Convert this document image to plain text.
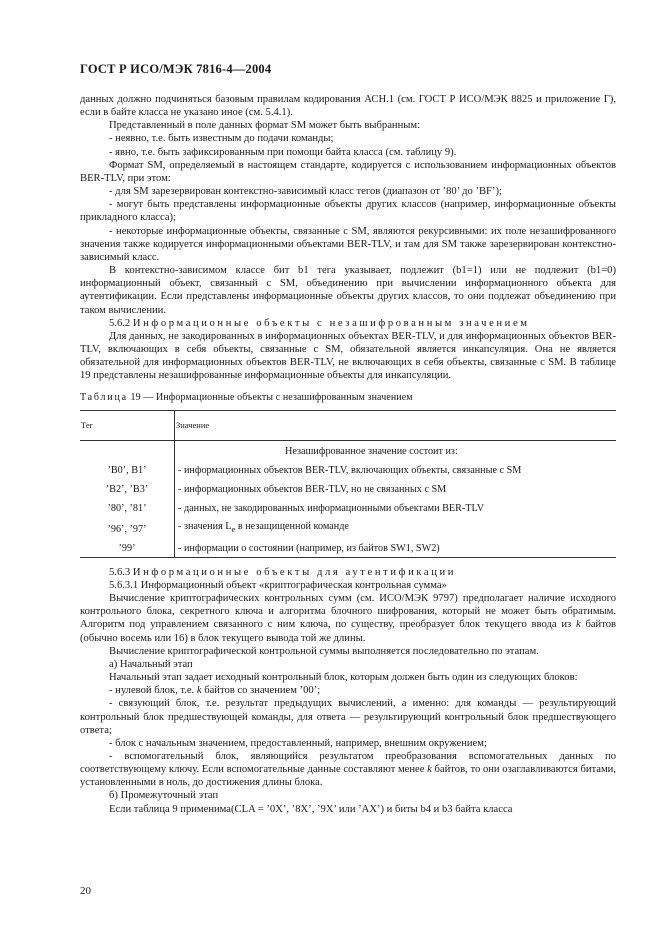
ГОСТ Р ИСО/МЭК 7816-4—2004

данных должно подчиняться базовым правилам кодирования АСН.1 (см. ГОСТ Р ИСО/МЭК 8825 и приложение Г), если в байте класса не указано иное (см. 5.4.1).

Представленный в поле данных формат SM может быть выбранным:

- неявно, т.е. быть известным до подачи команды;

- явно, т.е. быть зафиксированным при помощи байта класса (см. таблицу 9).

Формат SM, определяемый в настоящем стандарте, кодируется с использованием информационных объектов BER-TLV, при этом:

- для SM зарезервирован контекстно-зависимый класс тегов (диапазон от ’80’ до ’BF’);

- могут быть представлены информационные объекты других классов (например, информационные объекты прикладного класса);

- некоторые информационные объекты, связанные с SM, являются рекурсивными: их поле незашифрованного значения также кодируется информационными объектами BER-TLV, и там для SM также зарезервирован контекстно-зависимый класс.

В контекстно-зависимом классе бит b1 тега указывает, подлежит (b1=1) или не подлежит (b1=0) информационный объект, связанный с SM, объединению при вычислении информационного объекта для аутентификации. Если представлены информационные объекты других классов, то они подлежат объединению при таком вычислении.

5.6.2 Информационные объекты с незашифрованным значением

Для данных, не закодированных в информационных объектах BER-TLV, и для информационных объектов BER-TLV, включающих в себя объекты, связанные с SM, обязательной является инкапсуляция. Она не является обязательной для информационных объектов BER-TLV, не включающих в себя объекты, связанные с SM. В таблице 19 представлены незашифрованные информационные объекты для инкапсуляции.

Таблица 19 — Информационные объекты с незашифрованным значением

Тег	Значение
	Незашифрованное значение состоит из:
’B0’, B1’	- информационных объектов BER-TLV, включающих объекты, связанные с SM
’B2’, ’B3’	- информационных объектов BER-TLV, но не связанных с SM
’80’, ’81’	- данных, не закодированных информационными объектами BER-TLV
’96’, ’97’	- значения $L_e$ в незащищенной команде
’99’	- информации о состоянии (например, из байтов SW1, SW2)

5.6.3 Информационные объекты для аутентификации

5.6.3.1 Информационный объект «криптографическая контрольная сумма»

Вычисление криптографических контрольных сумм (см. ИСО/МЭК 9797) предполагает наличие исходного контрольного блока, секретного ключа и алгоритма блочного шифрования, который не может быть обратимым. Алгоритм под управлением связанного с ним ключа, по существу, преобразует блок текущего ввода из k байтов (обычно восемь или 16) в блок текущего вывода той же длины.

Вычисление криптографической контрольной суммы выполняется последовательно по этапам.

а) Начальный этап

Начальный этап задает исходный контрольный блок, которым должен быть один из следующих блоков:

- нулевой блок, т.е. k байтов со значением ’00’;

- связующий блок, т.е. результат предыдущих вычислений, а именно: для команды — результирующий контрольный блок предшествующей команды, для ответа — результирующий контрольный блок предшествующего ответа;

- блок с начальным значением, предоставленный, например, внешним окружением;

- вспомогательный блок, являющийся результатом преобразования вспомогательных данных по соответствующему ключу. Если вспомогательные данные составляют менее k байтов, то они озаглавливаются битами, установленными в ноль, до достижения длины блока.

б) Промежуточный этап

Если таблица 9 применима(CLA = ’0X’, ’8X’, ’9X’ или ’AX’) и биты b4 и b3 байта класса

20
